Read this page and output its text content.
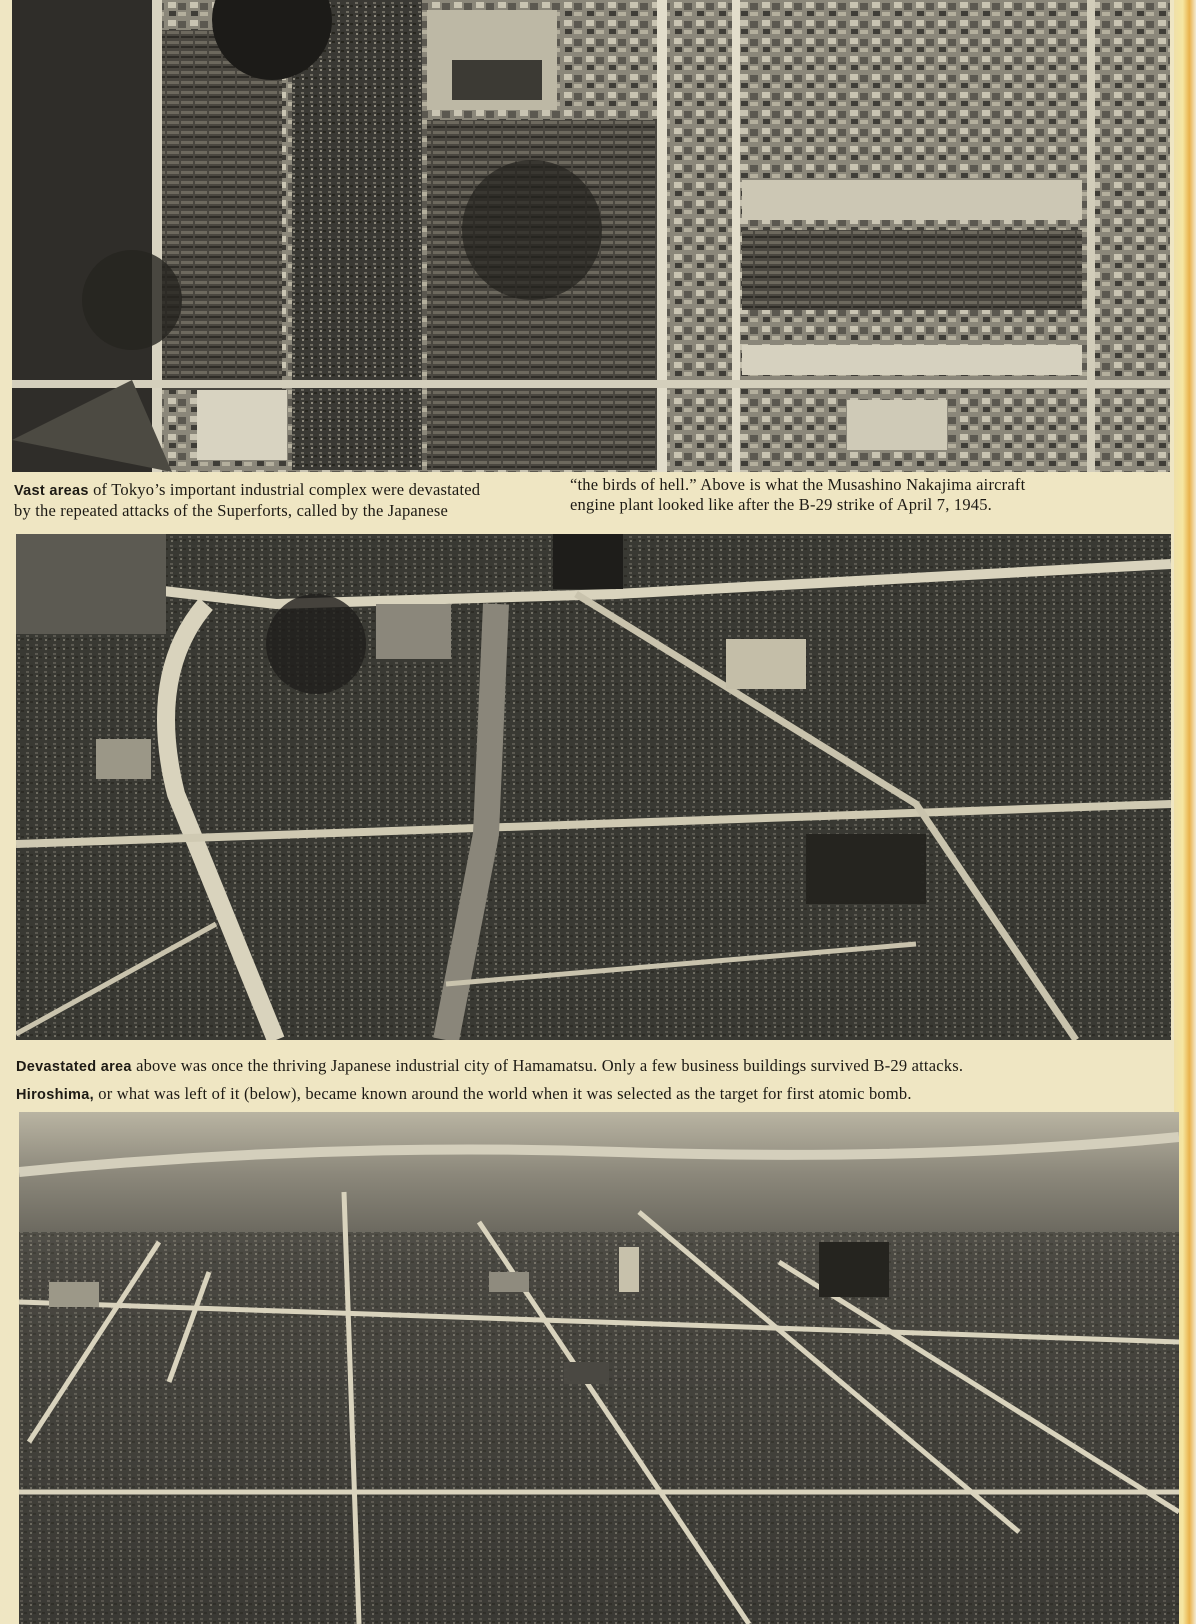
Vast areas of Tokyo’s important industrial complex were devastated
by the repeated attacks of the Superforts, called by the Japanese
“the birds of hell.” Above is what the Musashino Nakajima aircraft
engine plant looked like after the B-29 strike of April 7, 1945.
Devastated area above was once the thriving Japanese industrial city of Hamamatsu. Only a few business buildings survived B-29 attacks.
Hiroshima, or what was left of it (below), became known around the world when it was selected as the target for first atomic bomb.
